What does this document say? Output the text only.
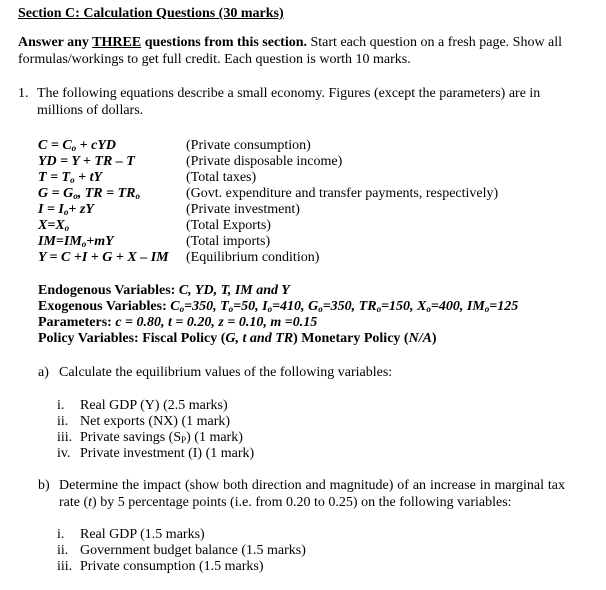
Section C: Calculation Questions (30 marks)
Answer any THREE questions from this section. Start each question on a fresh page. Show all formulas/workings to get full credit. Each question is worth 10 marks.
1. The following equations describe a small economy. Figures (except the parameters) are in millions of dollars.
$C = C_o$ + cYD	(Private consumption)
YD = Y + TR – T	(Private disposable income)
$T = T_o$ + tY	(Total taxes)
$G = G_o$, TR = $TR_o$	(Govt. expenditure and transfer payments, respectively)
$I = I_o+$ zY	(Private investment)
$X=X_o$	(Total Exports)
$IM=IM_o+mY$	(Total imports)
Y = C +I + G + X – IM (Equilibrium condition)
Endogenous Variables: C, YD, T, IM and Y
Exogenous Variables: $C_o=350$, $T_o=50$, $I_o=410$, $G_o=350$, $TR_o=150$, $X_o=400$, $IM_o=125$
Parameters: c = 0.80, t = 0.20, z = 0.10, m =0.15
Policy Variables: Fiscal Policy (G, t and TR) Monetary Policy (N/A)
a) Calculate the equilibrium values of the following variables:
i. Real GDP (Y) (2.5 marks)
ii. Net exports (NX) (1 mark)
iii. Private savings $(S_P)$ (1 mark)
iv. Private investment (I) (1 mark)
b) Determine the impact (show both direction and magnitude) of an increase in marginal tax rate (t) by 5 percentage points (i.e. from 0.20 to 0.25) on the following variables:
i. Real GDP (1.5 marks)
ii. Government budget balance (1.5 marks)
iii. Private consumption (1.5 marks)
